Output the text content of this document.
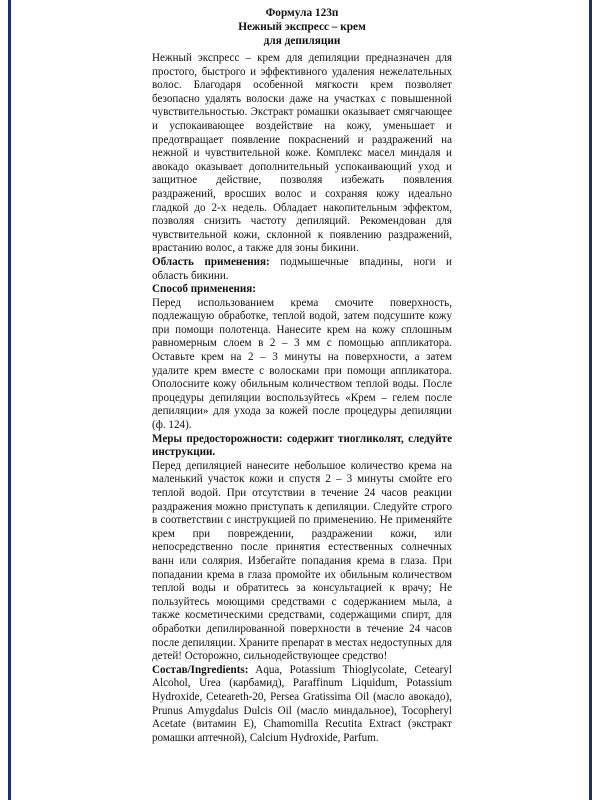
Формула 123п
Нежный экспресс – крем
для депиляции

Нежный экспресс – крем для депиляции предназначен для простого, быстрого и эффективного удаления нежелательных волос. Благодаря особенной мягкости крем позволяет безопасно удалять волоски даже на участках с повышенной чувствительностью. Экстракт ромашки оказывает смягчающее и успокаивающее воздействие на кожу, уменьшает и предотвращает появление покраснений и раздражений на нежной и чувствительной коже. Комплекс масел миндаля и авокадо оказывает дополнительный успокаивающий уход и защитное действие, позволяя избежать появления раздражений, вросших волос и сохраняя кожу идеально гладкой до 2-х недель. Обладает накопительным эффектом, позволяя снизить частоту депиляций. Рекомендован для чувствительной кожи, склонной к появлению раздражений, врастанию волос, а также для зоны бикини.

Область применения: подмышечные впадины, ноги и область бикини.

Способ применения:

Перед использованием крема смочите поверхность, подлежащую обработке, теплой водой, затем подсушите кожу при помощи полотенца. Нанесите крем на кожу сплошным равномерным слоем в 2 – 3 мм с помощью аппликатора. Оставьте крем на 2 – 3 минуты на поверхности, а затем удалите крем вместе с волосками при помощи аппликатора. Ополосните кожу обильным количеством теплой воды. После процедуры депиляции воспользуйтесь «Крем – гелем после депиляции» для ухода за кожей после процедуры депиляции (ф. 124).

Меры предосторожности: содержит тиогликолят, следуйте инструкции.

Перед депиляцией нанесите небольшое количество крема на маленький участок кожи и спустя 2 – 3 минуты смойте его теплой водой. При отсутствии в течение 24 часов реакции раздражения можно приступать к депиляции. Следуйте строго в соответствии с инструкцией по применению. Не применяйте крем при повреждении, раздражении кожи, или непосредственно после принятия естественных солнечных ванн или солярия. Избегайте попадания крема в глаза. При попадании крема в глаза промойте их обильным количеством теплой воды и обратитесь за консультацией к врачу; Не пользуйтесь моющими средствами с содержанием мыла, а также косметическими средствами, содержащими спирт, для обработки депилированной поверхности в течение 24 часов после депиляции. Храните препарат в местах недоступных для детей! Осторожно, сильнодействующее средство!

Состав/Ingredients: Aqua, Potassium Thioglycolate, Cetearyl Alcohol, Urea (карбамид), Paraffinum Liquidum, Potassium Hydroxide, Ceteareth-20, Persea Gratissima Oil (масло авокадо), Prunus Amygdalus Dulcis Oil (масло миндальное), Tocopheryl Acetate (витамин Е), Chamomilla Recutita Extract (экстракт ромашки аптечной), Calcium Hydroxide, Parfum.
